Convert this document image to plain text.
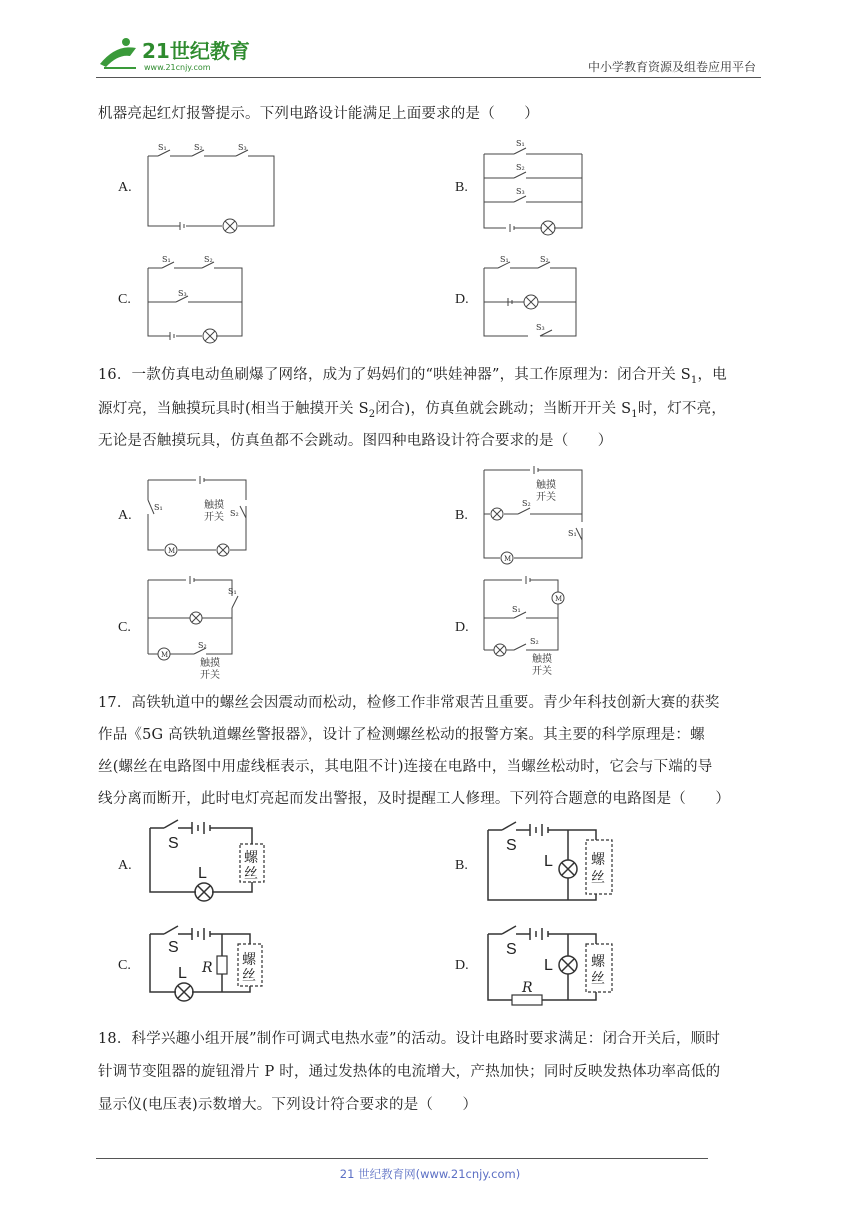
21世纪教育
www.21cnjy.com	中小学教育资源及组卷应用平台
机器亮起红灯报警提示。下列电路设计能满足上面要求的是（　　）
A.
S₁	S₂	S₃
B.
S₁
S₂
S₃
C.
S₁	S₂
S₃	D.
S₁	S₂
S₃
16．一款仿真电动鱼刷爆了网络，成为了妈妈们的“哄娃神器”，其工作原理为：闭合开关 $S_1$，电
源灯亮，当触摸玩具时(相当于触摸开关 $S_2$闭合)，仿真鱼就会跳动；当断开开关 $S_1$时，灯不亮，
无论是否触摸玩具，仿真鱼都不会跳动。图四种电路设计符合要求的是（　　）
A.
M
S₁
S₂
触摸
开关	B.
M
S₂
S₁
触摸
开关
C.
M
S₁
S₂
触摸
开关
D.
M
S₁
S₂
触摸
开关
17．高铁轨道中的螺丝会因震动而松动，检修工作非常艰苦且重要。青少年科技创新大赛的获奖
作品《5G 高铁轨道螺丝警报器》，设计了检测螺丝松动的报警方案。其主要的科学原理是：螺
丝(螺丝在电路图中用虚线框表示，其电阻不计)连接在电路中，当螺丝松动时，它会与下端的导
线分离而断开，此时电灯亮起而发出警报，及时提醒工人修理。下列符合题意的电路图是（　　）
A.
S
L
螺
丝
B.
S
L	螺
丝
C.
S
L R 螺
丝
D.
S
L
R
螺
丝
18．科学兴趣小组开展”制作可调式电热水壶”的活动。设计电路时要求满足：闭合开关后，顺时
针调节变阻器的旋钮滑片 P 时，通过发热体的电流增大，产热加快；同时反映发热体功率高低的
显示仪(电压表)示数增大。下列设计符合要求的是（　　）
21 世纪教育网(www.21cnjy.com)
